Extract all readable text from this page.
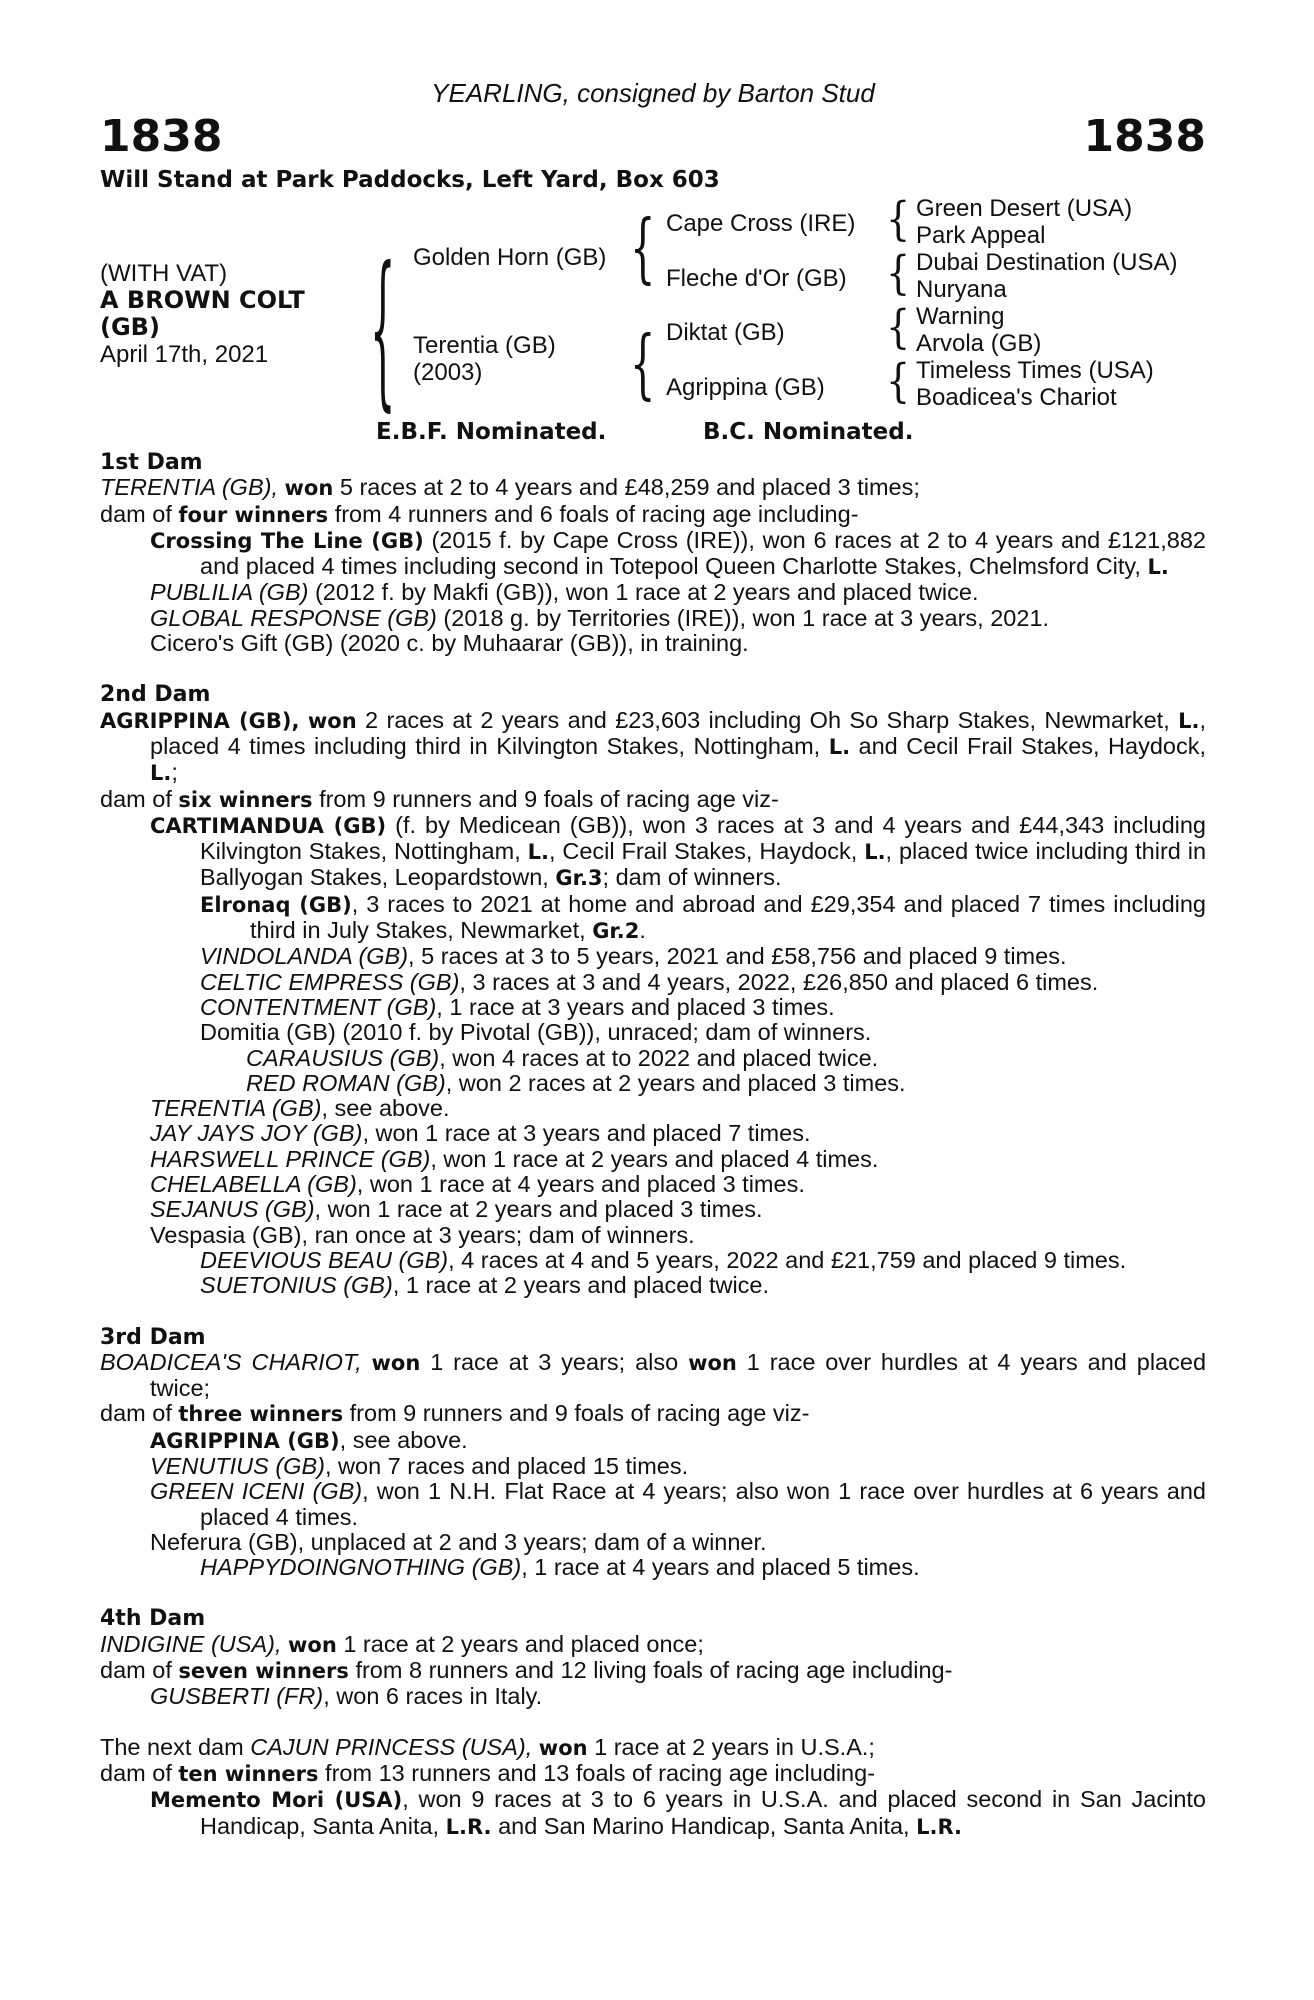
YEARLING, consigned by Barton Stud
1838	1838
Will Stand at Park Paddocks, Left Yard, Box 603
(WITH VAT)
A BROWN COLT
(GB)
April 17th, 2021	{ Golden Horn (GB)
Terentia (GB)
(2003)
{
{
Cape Cross (IRE)
Fleche d'Or (GB)
Diktat (GB)
Agrippina (GB)
{
{
{
{
Green Desert (USA)
Park Appeal
Dubai Destination (USA)
Nuryana
Warning
Arvola (GB)
Timeless Times (USA)
Boadicea's Chariot
E.B.F. Nominated.	B.C. Nominated.

1st Dam

TERENTIA (GB), won 5 races at 2 to 4 years and £48,259 and placed 3 times;

dam of four winners from 4 runners and 6 foals of racing age including-

Crossing The Line (GB) (2015 f. by Cape Cross (IRE)), won 6 races at 2 to 4 years and £121,882 and placed 4 times including second in Totepool Queen Charlotte Stakes, Chelmsford City, L.

PUBLILIA (GB) (2012 f. by Makfi (GB)), won 1 race at 2 years and placed twice.

GLOBAL RESPONSE (GB) (2018 g. by Territories (IRE)), won 1 race at 3 years, 2021.

Cicero's Gift (GB) (2020 c. by Muhaarar (GB)), in training.

2nd Dam

AGRIPPINA (GB), won 2 races at 2 years and £23,603 including Oh So Sharp Stakes, Newmarket, L., placed 4 times including third in Kilvington Stakes, Nottingham, L. and Cecil Frail Stakes, Haydock, L.;

dam of six winners from 9 runners and 9 foals of racing age viz-

CARTIMANDUA (GB) (f. by Medicean (GB)), won 3 races at 3 and 4 years and £44,343 including Kilvington Stakes, Nottingham, L., Cecil Frail Stakes, Haydock, L., placed twice including third in Ballyogan Stakes, Leopardstown, Gr.3; dam of winners.

Elronaq (GB), 3 races to 2021 at home and abroad and £29,354 and placed 7 times including third in July Stakes, Newmarket, Gr.2.

VINDOLANDA (GB), 5 races at 3 to 5 years, 2021 and £58,756 and placed 9 times.

CELTIC EMPRESS (GB), 3 races at 3 and 4 years, 2022, £26,850 and placed 6 times.

CONTENTMENT (GB), 1 race at 3 years and placed 3 times.

Domitia (GB) (2010 f. by Pivotal (GB)), unraced; dam of winners.

CARAUSIUS (GB), won 4 races at to 2022 and placed twice.

RED ROMAN (GB), won 2 races at 2 years and placed 3 times.

TERENTIA (GB), see above.

JAY JAYS JOY (GB), won 1 race at 3 years and placed 7 times.

HARSWELL PRINCE (GB), won 1 race at 2 years and placed 4 times.

CHELABELLA (GB), won 1 race at 4 years and placed 3 times.

SEJANUS (GB), won 1 race at 2 years and placed 3 times.

Vespasia (GB), ran once at 3 years; dam of winners.

DEEVIOUS BEAU (GB), 4 races at 4 and 5 years, 2022 and £21,759 and placed 9 times.

SUETONIUS (GB), 1 race at 2 years and placed twice.

3rd Dam

BOADICEA'S CHARIOT, won 1 race at 3 years; also won 1 race over hurdles at 4 years and placed twice;

dam of three winners from 9 runners and 9 foals of racing age viz-

AGRIPPINA (GB), see above.

VENUTIUS (GB), won 7 races and placed 15 times.

GREEN ICENI (GB), won 1 N.H. Flat Race at 4 years; also won 1 race over hurdles at 6 years and placed 4 times.

Neferura (GB), unplaced at 2 and 3 years; dam of a winner.

HAPPYDOINGNOTHING (GB), 1 race at 4 years and placed 5 times.

4th Dam

INDIGINE (USA), won 1 race at 2 years and placed once;

dam of seven winners from 8 runners and 12 living foals of racing age including-

GUSBERTI (FR), won 6 races in Italy.

The next dam CAJUN PRINCESS (USA), won 1 race at 2 years in U.S.A.;

dam of ten winners from 13 runners and 13 foals of racing age including-

Memento Mori (USA), won 9 races at 3 to 6 years in U.S.A. and placed second in San Jacinto Handicap, Santa Anita, L.R. and San Marino Handicap, Santa Anita, L.R.
